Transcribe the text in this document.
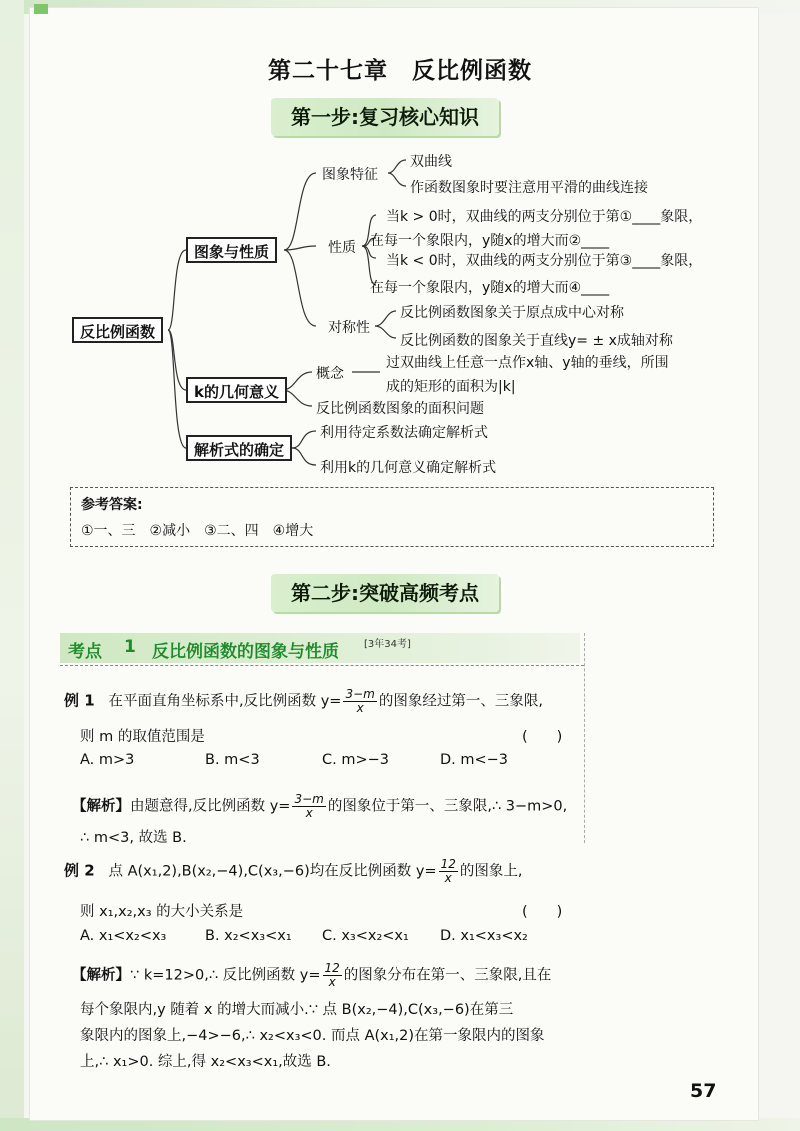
第二十七章　反比例函数
第一步:复习核心知识
反比例函数
图象与性质
k的几何意义
解析式的确定
图象特征
双曲线
作函数图象时要注意用平滑的曲线连接
性质
当k > 0时，双曲线的两支分别位于第①____象限，
在每一个象限内，y随x的增大而②____
当k < 0时，双曲线的两支分别位于第③____象限，
在每一个象限内，y随x的增大而④____
对称性
反比例函数图象关于原点成中心对称
反比例函数的图象关于直线y= ± x成轴对称
概念
过双曲线上任意一点作x轴、y轴的垂线，所围
成的矩形的面积为|k|
反比例函数图象的面积问题
利用待定系数法确定解析式
利用k的几何意义确定解析式
参考答案:
①一、三　②减小　③二、四　④增大
第二步:突破高频考点
考点 1 反比例函数的图象与性质	[3年34考]
例 1 在平面直角坐标系中,反比例函数 $y= \frac{3-m}{x}$ 的图象经过第一、三象限,
则 m 的取值范围是	(　　)
A. m>3	B. m<3	C. m>−3	D. m<−3
【解析】由题意得,反比例函数 $y= \frac{3-m}{x}$ 的图象位于第一、三象限,∴ 3−m>0,
∴ m<3, 故选 B.
例 2 点 A(x₁,2),B(x₂,−4),C(x₃,−6)均在反比例函数 $y= \frac{12}{x}$ 的图象上,
则 x₁,x₂,x₃ 的大小关系是	(　　)
A. x₁<x₂<x₃	B. x₂<x₃<x₁ C. x₃<x₂<x₁ D. x₁<x₃<x₂
【解析】∵ k=12>0,∴ 反比例函数 $y= \frac{12}{x}$ 的图象分布在第一、三象限,且在
每个象限内,y 随着 x 的增大而减小.∵ 点 B(x₂,−4),C(x₃,−6)在第三
象限内的图象上,−4>−6,∴ x₂<x₃<0. 而点 A(x₁,2)在第一象限内的图象
上,∴ x₁>0. 综上,得 x₂<x₃<x₁,故选 B.
57
